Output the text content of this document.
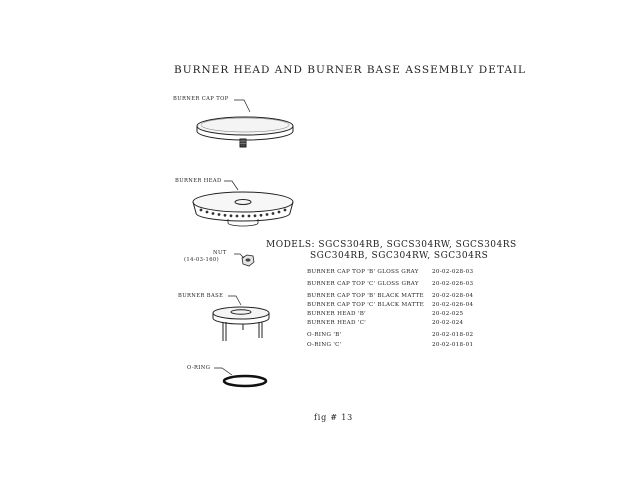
BURNER HEAD AND BURNER BASE ASSEMBLY DETAIL
BURNER CAP TOP
BURNER HEAD
NUT
(14-03-160)
BURNER BASE
O-RING
MODELS: SGCS304RB, SGCS304RW, SGCS304RS
SGC304RB, SGC304RW, SGC304RS
BURNER CAP TOP 'B' GLOSS GRAY 20-02-028-03
BURNER CAP TOP 'C' GLOSS GRAY 20-02-026-03
BURNER CAP TOP 'B' BLACK MATTE 20-02-028-04
BURNER CAP TOP 'C' BLACK MATTE 20-02-026-04
BURNER HEAD 'B'	20-02-025
BURNER HEAD 'C'	20-02-024
O-RING 'B'	20-02-018-02
O-RING 'C'	20-02-018-01
fig # 13
